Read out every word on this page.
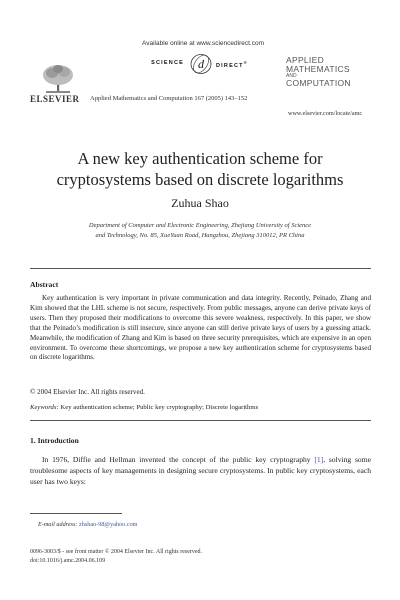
Available online at www.sciencedirect.com
SCIENCE d DIRECT®
ELSEVIER	Applied Mathematics and Computation 167 (2005) 143–152
APPLIED
MATHEMATICS
AND
COMPUTATION
www.elsevier.com/locate/amc
A new key authentication scheme for
cryptosystems based on discrete logarithms
Zuhua Shao
Department of Computer and Electronic Engineering, Zhejiang University of Science
and Technology, No. 85, XueYuan Road, Hangzhou, Zhejiang 310012, PR China
Abstract

Key authentication is very important in private communication and data integrity. Recently, Peinado, Zhang and Kim showed that the LHL scheme is not secure, respectively. From public messages, anyone can derive private keys of users. Then they proposed their modifications to overcome this severe weakness, respectively. In this paper, we show that the Peinado’s modification is still insecure, since anyone can still derive private keys of users by a guessing attack. Meanwhile, the modification of Zhang and Kim is based on three security prerequisites, which are expensive in an open environment. To overcome these shortcomings, we propose a new key authentication scheme for cryptosystems based on discrete logarithms.

© 2004 Elsevier Inc. All rights reserved.
Keywords: Key authentication scheme; Public key cryptography; Discrete logarithms
1. Introduction

In 1976, Diffie and Hellman invented the concept of the public key cryptography [1], solving some troublesome aspects of key managements in designing secure cryptosystems. In public key cryptosystems, each user has two keys:

E-mail address: zhshao-98@yahoo.com
0096-3003/$ - see front matter © 2004 Elsevier Inc. All rights reserved.
doi:10.1016/j.amc.2004.06.109
